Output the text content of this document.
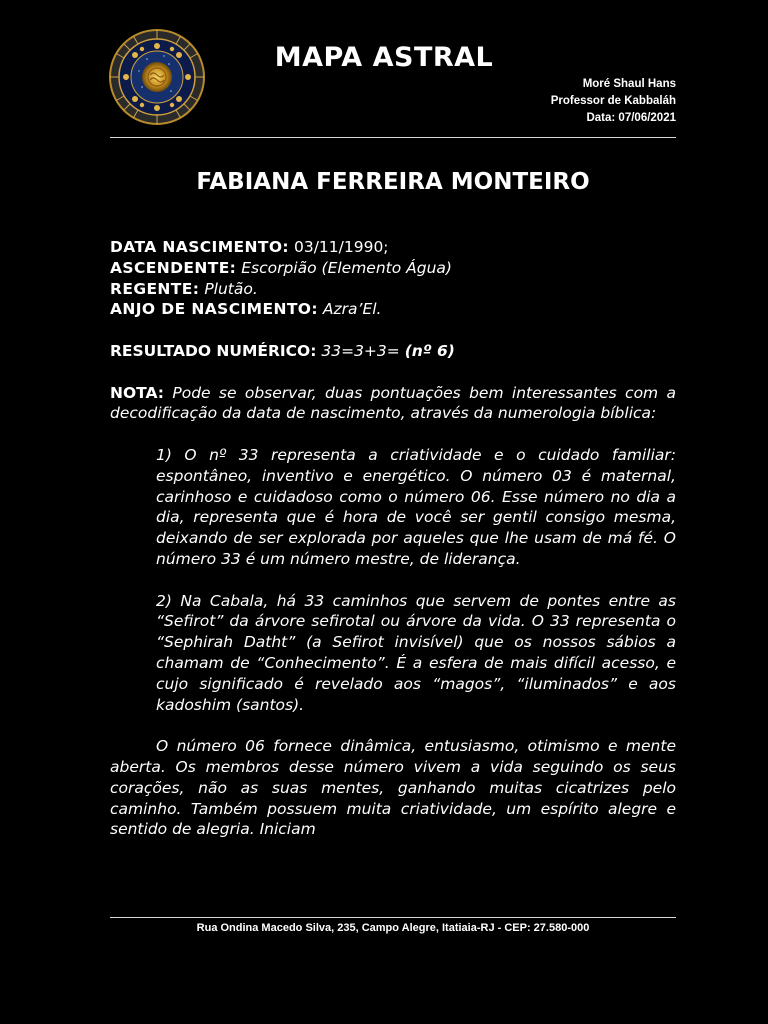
MAPA ASTRAL
Moré Shaul Hans
Professor de Kabbaláh
Data: 07/06/2021
FABIANA FERREIRA MONTEIRO

DATA NASCIMENTO: 03/11/1990;
ASCENDENTE: Escorpião (Elemento Água)
REGENTE: Plutão.
ANJO DE NASCIMENTO: Azra’El.

RESULTADO NUMÉRICO: 33=3+3= (nº 6)

NOTA: Pode se observar, duas pontuações bem interessantes com a decodificação da data de nascimento, através da numerologia bíblica:

1) O nº 33 representa a criatividade e o cuidado familiar: espontâneo, inventivo e energético. O número 03 é maternal, carinhoso e cuidadoso como o número 06. Esse número no dia a dia, representa que é hora de você ser gentil consigo mesma, deixando de ser explorada por aqueles que lhe usam de má fé. O número 33 é um número mestre, de liderança.

2) Na Cabala, há 33 caminhos que servem de pontes entre as “Sefirot” da árvore sefirotal ou árvore da vida. O 33 representa o “Sephirah Datht” (a Sefirot invisível) que os nossos sábios a chamam de “Conhecimento”. É a esfera de mais difícil acesso, e cujo significado é revelado aos “magos”, “iluminados” e aos kadoshim (santos).

O número 06 fornece dinâmica, entusiasmo, otimismo e mente aberta. Os membros desse número vivem a vida seguindo os seus corações, não as suas mentes, ganhando muitas cicatrizes pelo caminho. Também possuem muita criatividade, um espírito alegre e sentido de alegria. Iniciam

Rua Ondina Macedo Silva, 235, Campo Alegre, Itatiaia-RJ - CEP: 27.580-000
